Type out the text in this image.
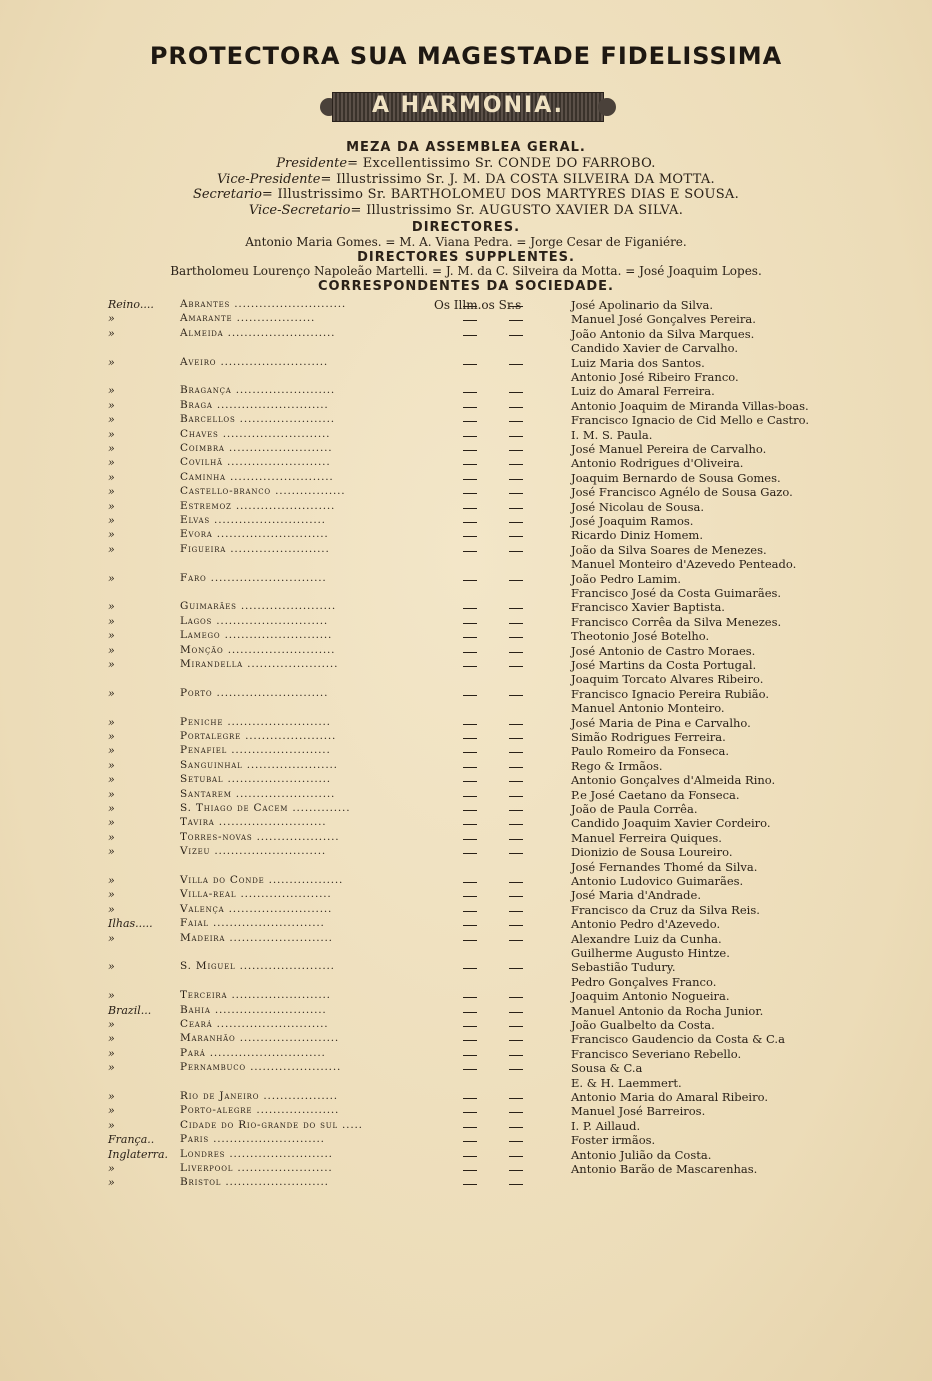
PROTECTORA SUA MAGESTADE FIDELISSIMA
A HARMONIA.
MEZA DA ASSEMBLEA GERAL.
Presidente= Excellentissimo Sr. CONDE DO FARROBO.
Vice-Presidente= Illustrissimo Sr. J. M. DA COSTA SILVEIRA DA MOTTA.
Secretario= Illustrissimo Sr. BARTHOLOMEU DOS MARTYRES DIAS E SOUSA.
Vice-Secretario= Illustrissimo Sr. AUGUSTO XAVIER DA SILVA.
DIRECTORES.
Antonio Maria Gomes. = M. A. Viana Pedra. = Jorge Cesar de Figaniére.
DIRECTORES SUPPLENTES.
Bartholomeu Lourenço Napoleão Martelli. = J. M. da C. Silveira da Motta. = José Joaquim Lopes.
CORRESPONDENTES DA SOCIEDADE.
Os Illm.os Sr.s
Reino....	Abrantes ...........................	José Apolinario da Silva.
»	Amarante ...................	Manuel José Gonçalves Pereira.
»	Almeida ..........................	João Antonio da Silva Marques.
Candido Xavier de Carvalho.
»	Aveiro ..........................	Luiz Maria dos Santos.
Antonio José Ribeiro Franco.
»	Bragança ........................	Luiz do Amaral Ferreira.
»	Braga ...........................	Antonio Joaquim de Miranda Villas-boas.
»	Barcellos .......................	Francisco Ignacio de Cid Mello e Castro.
»	Chaves ..........................	I. M. S. Paula.
»	Coimbra .........................	José Manuel Pereira de Carvalho.
»	Covilhã .........................	Antonio Rodrigues d'Oliveira.
»	Caminha .........................	Joaquim Bernardo de Sousa Gomes.
»	Castello-branco .................	José Francisco Agnélo de Sousa Gazo.
»	Estremoz ........................	José Nicolau de Sousa.
»	Elvas ...........................	José Joaquim Ramos.
»	Evora ...........................	Ricardo Diniz Homem.
»	Figueira ........................	João da Silva Soares de Menezes.
Manuel Monteiro d'Azevedo Penteado.
»	Faro ............................	João Pedro Lamim.
Francisco José da Costa Guimarães.
»	Guimarães .......................	Francisco Xavier Baptista.
»	Lagos ...........................	Francisco Corrêa da Silva Menezes.
»	Lamego ..........................	Theotonio José Botelho.
»	Monção ..........................	José Antonio de Castro Moraes.
»	Mirandella ......................	José Martins da Costa Portugal.
Joaquim Torcato Alvares Ribeiro.
»	Porto ...........................	Francisco Ignacio Pereira Rubião.
Manuel Antonio Monteiro.
»	Peniche .........................	José Maria de Pina e Carvalho.
»	Portalegre ......................	Simão Rodrigues Ferreira.
»	Penafiel ........................	Paulo Romeiro da Fonseca.
»	Sanguinhal ......................	Rego & Irmãos.
»	Setubal .........................	Antonio Gonçalves d'Almeida Rino.
»	Santarem ........................	P.e José Caetano da Fonseca.
»	S. Thiago de Cacem ..............	João de Paula Corrêa.
»	Tavira ..........................	Candido Joaquim Xavier Cordeiro.
»	Torres-novas ....................	Manuel Ferreira Quiques.
»	Vizeu ...........................	Dionizio de Sousa Loureiro.
José Fernandes Thomé da Silva.
»	Villa do Conde ..................	Antonio Ludovico Guimarães.
»	Villa-real ......................	José Maria d'Andrade.
»	Valença .........................	Francisco da Cruz da Silva Reis.
Ilhas.....	Faial ...........................	Antonio Pedro d'Azevedo.
»	Madeira .........................	Alexandre Luiz da Cunha.
Guilherme Augusto Hintze.
»	S. Miguel .......................	Sebastião Tudury.
Pedro Gonçalves Franco.
»	Terceira ........................	Joaquim Antonio Nogueira.
Brazil...	Bahia ...........................	Manuel Antonio da Rocha Junior.
»	Ceará ...........................	João Gualbelto da Costa.
»	Maranhão ........................	Francisco Gaudencio da Costa & C.a
»	Pará ............................	Francisco Severiano Rebello.
»	Pernambuco ......................	Sousa & C.a
E. & H. Laemmert.
»	Rio de Janeiro ..................	Antonio Maria do Amaral Ribeiro.
»	Porto-alegre ....................	Manuel José Barreiros.
»	Cidade do Rio-grande do sul .....	I. P. Aillaud.
França..	Paris ...........................	Foster irmãos.
Inglaterra.	Londres .........................	Antonio Julião da Costa.
»	Liverpool .......................	Antonio Barão de Mascarenhas.
»	Bristol .........................
